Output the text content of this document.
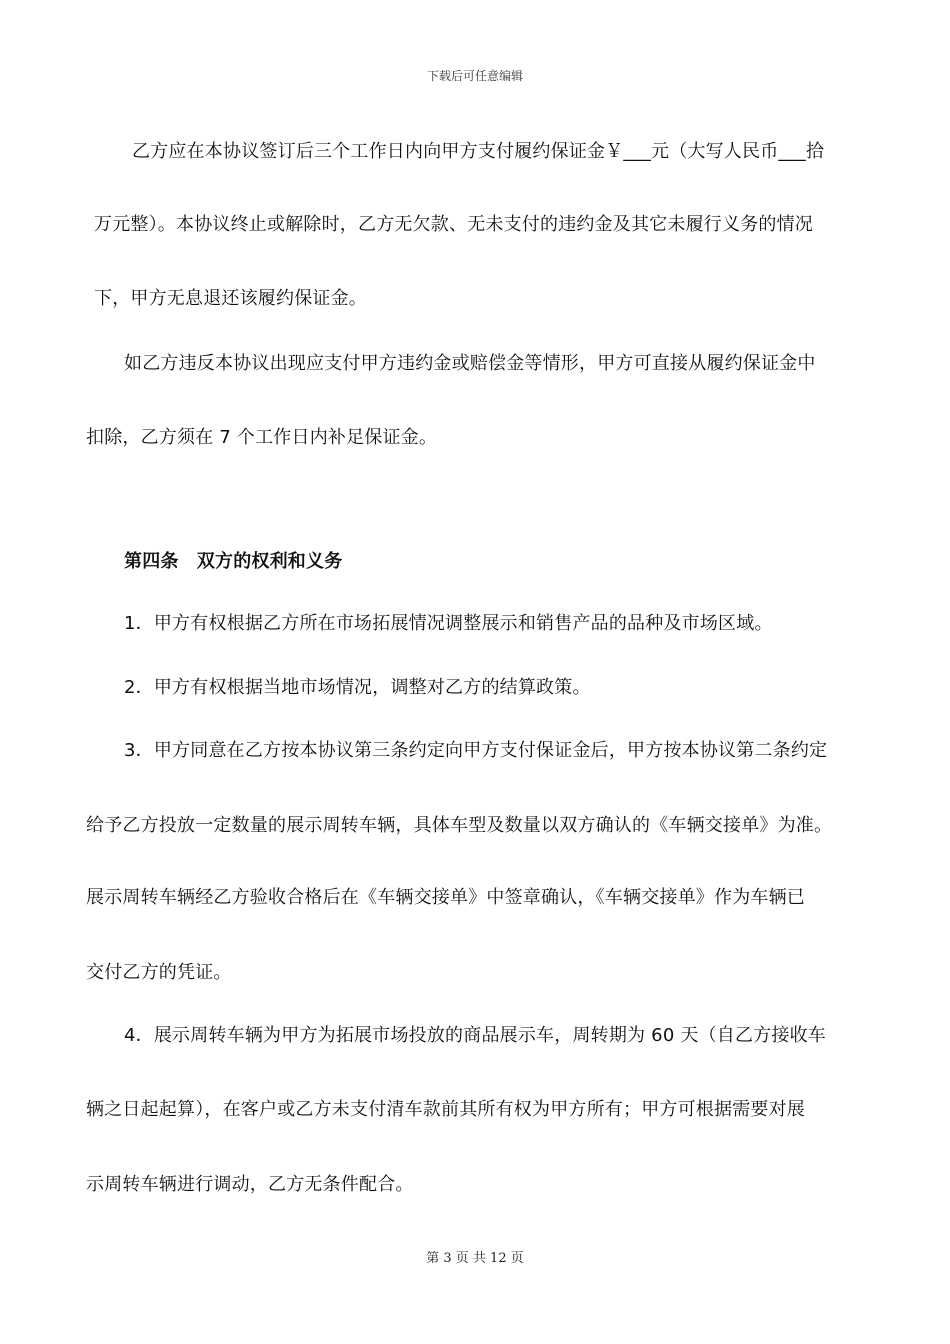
下载后可任意编辑
乙方应在本协议签订后三个工作日内向甲方支付履约保证金￥___元（大写人民币___拾
万元整）。本协议终止或解除时，乙方无欠款、无未支付的违约金及其它未履行义务的情况
下，甲方无息退还该履约保证金。
如乙方违反本协议出现应支付甲方违约金或赔偿金等情形，甲方可直接从履约保证金中
扣除，乙方须在 7 个工作日内补足保证金。
第四条　双方的权利和义务
1．甲方有权根据乙方所在市场拓展情况调整展示和销售产品的品种及市场区域。
2．甲方有权根据当地市场情况，调整对乙方的结算政策。
3．甲方同意在乙方按本协议第三条约定向甲方支付保证金后，甲方按本协议第二条约定
给予乙方投放一定数量的展示周转车辆，具体车型及数量以双方确认的《车辆交接单》为准。
展示周转车辆经乙方验收合格后在《车辆交接单》中签章确认，《车辆交接单》作为车辆已
交付乙方的凭证。
4．展示周转车辆为甲方为拓展市场投放的商品展示车，周转期为 60 天（自乙方接收车
辆之日起起算），在客户或乙方未支付清车款前其所有权为甲方所有；甲方可根据需要对展
示周转车辆进行调动，乙方无条件配合。
第 3 页 共 12 页
